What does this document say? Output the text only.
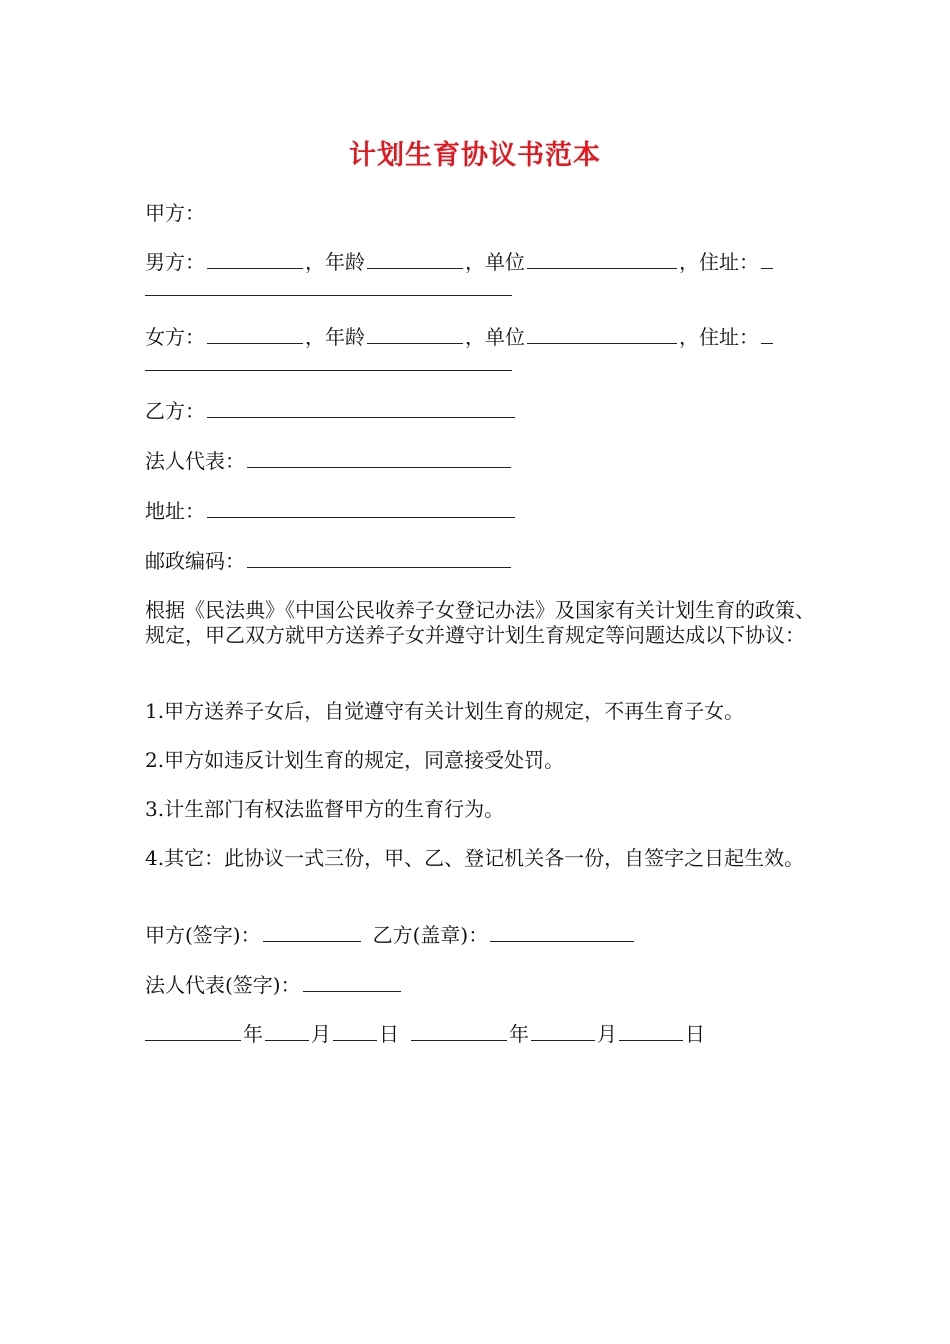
计划生育协议书范本
甲方：
男方：	，年龄	，单位	，住址：
女方：	，年龄	，单位	，住址：
乙方：
法人代表：
地址：
邮政编码：
根据《民法典》《中国公民收养子女登记办法》及国家有关计划生育的政策、规定，甲乙双方就甲方送养子女并遵守计划生育规定等问题达成以下协议：
1.甲方送养子女后，自觉遵守有关计划生育的规定，不再生育子女。
2.甲方如违反计划生育的规定，同意接受处罚。
3.计生部门有权法监督甲方的生育行为。
4.其它：此协议一式三份，甲、乙、登记机关各一份，自签字之日起生效。
甲方(签字)：	乙方(盖章)：
法人代表(签字)：
年 月 日	年	月	日
